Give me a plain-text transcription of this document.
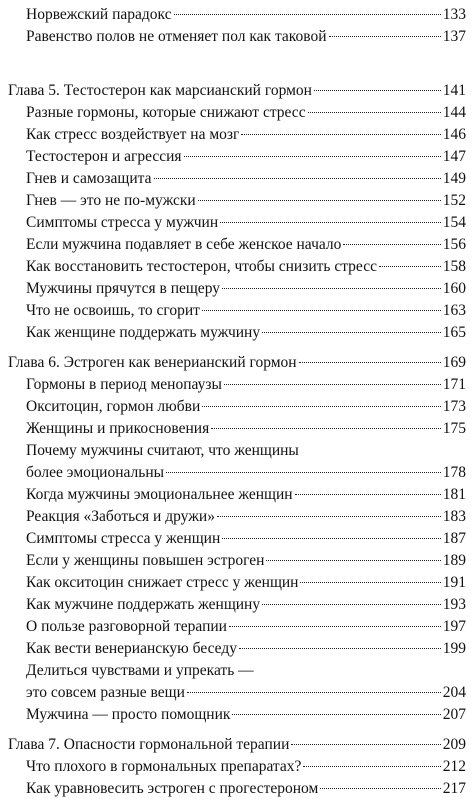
Норвежский парадокс	133
Равенство полов не отменяет пол как таковой	137
Глава 5. Тестостерон как марсианский гормон	141
Разные гормоны, которые снижают стресс	144
Как стресс воздействует на мозг	146
Тестостерон и агрессия	147
Гнев и самозащита	149
Гнев — это не по-мужски	152
Симптомы стресса у мужчин	154
Если мужчина подавляет в себе женское начало	156
Как восстановить тестостерон, чтобы снизить стресс	158
Мужчины прячутся в пещеру	160
Что не освоишь, то сгорит	163
Как женщине поддержать мужчину	165
Глава 6. Эстроген как венерианский гормон	169
Гормоны в период менопаузы	171
Окситоцин, гормон любви	173
Женщины и прикосновения	175
Почему мужчины считают, что женщины
более эмоциональны	178
Когда мужчины эмоциональнее женщин	181
Реакция «Заботься и дружи»	183
Симптомы стресса у женщин	187
Если у женщины повышен эстроген	189
Как окситоцин снижает стресс у женщин	191
Как мужчине поддержать женщину	193
О пользе разговорной терапии	197
Как вести венерианскую беседу	199
Делиться чувствами и упрекать —
это совсем разные вещи	204
Мужчина — просто помощник	207
Глава 7. Опасности гормональной терапии	209
Что плохого в гормональных препаратах?	212
Как уравновесить эстроген с прогестероном	217
